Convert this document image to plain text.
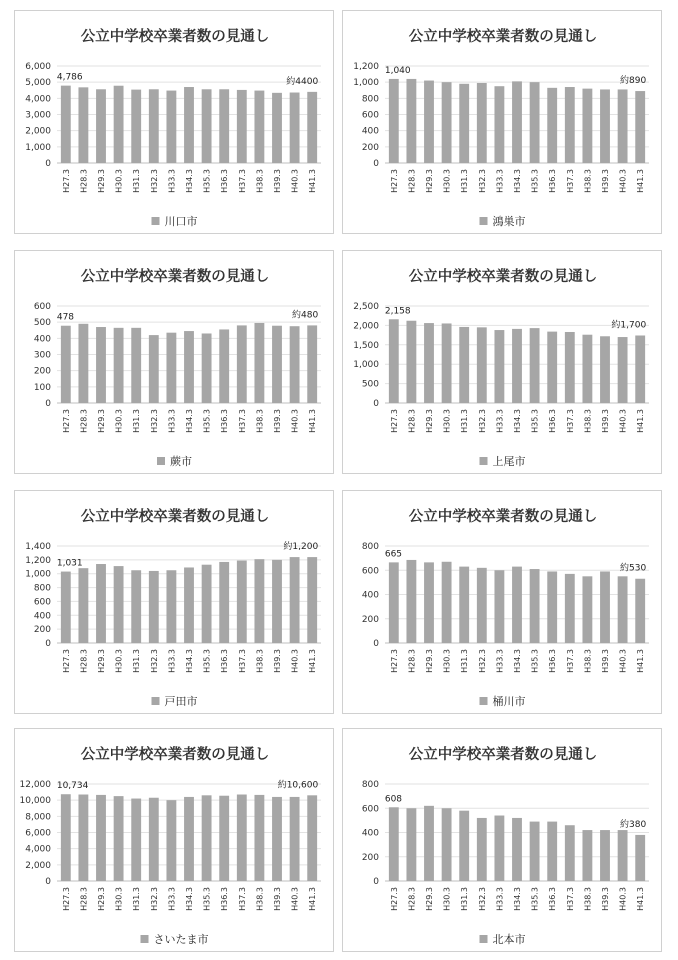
公立中学校卒業者数の見通し
0
1,000
2,000
3,000
4,000
5,000
6,000
H27.3 H28.3 H29.3 H30.3 H31.3 H32.3 H33.3 H34.3 H35.3 H36.3 H37.3 H38.3 H39.3 H40.3 H41.3
4,786	約4400
川口市
公立中学校卒業者数の見通し
0
200
400
600
800
1,000
1,200
H27.3 H28.3 H29.3 H30.3 H31.3 H32.3 H33.3 H34.3 H35.3 H36.3 H37.3 H38.3 H39.3 H40.3 H41.3
1,040
約890
鴻巣市
公立中学校卒業者数の見通し
0
100
200
300
400
500
600
H27.3 H28.3 H29.3 H30.3 H31.3 H32.3 H33.3 H34.3 H35.3 H36.3 H37.3 H38.3 H39.3 H40.3 H41.3
478	約480
蕨市
公立中学校卒業者数の見通し
0
500
1,000
1,500
2,000
2,500
H27.3 H28.3 H29.3 H30.3 H31.3 H32.3 H33.3 H34.3 H35.3 H36.3 H37.3 H38.3 H39.3 H40.3 H41.3
2,158
約1,700
上尾市
公立中学校卒業者数の見通し
0
200
400
600
800
1,000
1,200
1,400
H27.3 H28.3 H29.3 H30.3 H31.3 H32.3 H33.3 H34.3 H35.3 H36.3 H37.3 H38.3 H39.3 H40.3 H41.3
1,031
約1,200
戸田市
公立中学校卒業者数の見通し
0
200
400
600
800
H27.3 H28.3 H29.3 H30.3 H31.3 H32.3 H33.3 H34.3 H35.3 H36.3 H37.3 H38.3 H39.3 H40.3 H41.3
665
約530
桶川市
公立中学校卒業者数の見通し
0
2,000
4,000
6,000
8,000
10,000
12,000
H27.3 H28.3 H29.3 H30.3 H31.3 H32.3 H33.3 H34.3 H35.3 H36.3 H37.3 H38.3 H39.3 H40.3 H41.3
10,734	約10,600
さいたま市
公立中学校卒業者数の見通し
0
200
400
600
800
H27.3 H28.3 H29.3 H30.3 H31.3 H32.3 H33.3 H34.3 H35.3 H36.3 H37.3 H38.3 H39.3 H40.3 H41.3
608
約380
北本市
